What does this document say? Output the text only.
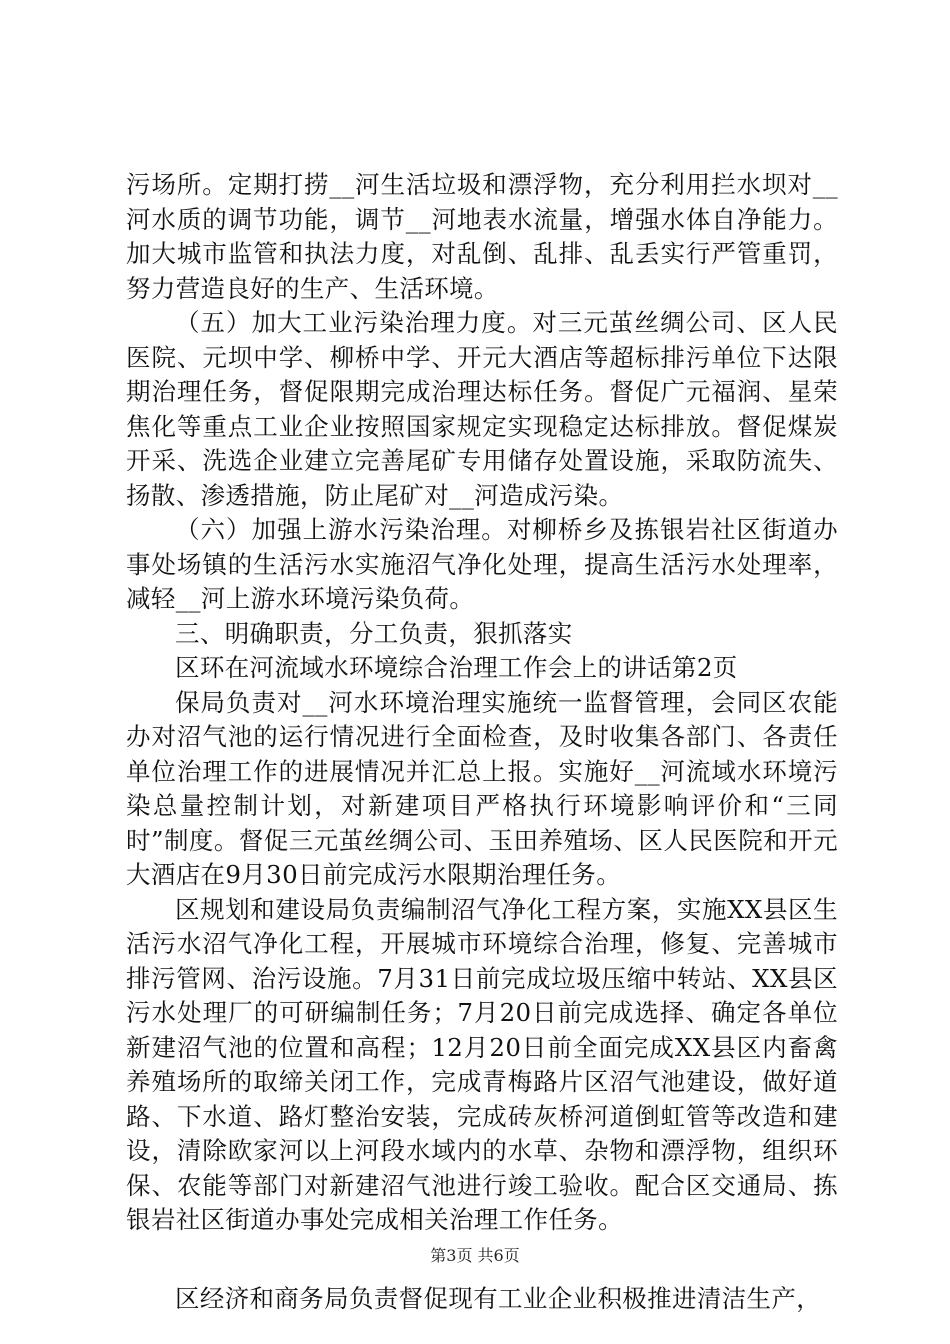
污场所。定期打捞__河生活垃圾和漂浮物，充分利用拦水坝对__河水质的调节功能，调节__河地表水流量，增强水体自净能力。加大城市监管和执法力度，对乱倒、乱排、乱丢实行严管重罚，努力营造良好的生产、生活环境。

（五）加大工业污染治理力度。对三元茧丝绸公司、区人民医院、元坝中学、柳桥中学、开元大酒店等超标排污单位下达限期治理任务，督促限期完成治理达标任务。督促广元福润、星荣焦化等重点工业企业按照国家规定实现稳定达标排放。督促煤炭开采、洗选企业建立完善尾矿专用储存处置设施，采取防流失、扬散、渗透措施，防止尾矿对__河造成污染。

（六）加强上游水污染治理。对柳桥乡及拣银岩社区街道办事处场镇的生活污水实施沼气净化处理，提高生活污水处理率，减轻__河上游水环境污染负荷。

三、明确职责，分工负责，狠抓落实

区环在河流域水环境综合治理工作会上的讲话第2页

保局负责对__河水环境治理实施统一监督管理，会同区农能办对沼气池的运行情况进行全面检查，及时收集各部门、各责任单位治理工作的进展情况并汇总上报。实施好__河流域水环境污染总量控制计划，对新建项目严格执行环境影响评价和“三同时”制度。督促三元茧丝绸公司、玉田养殖场、区人民医院和开元大酒店在9月30日前完成污水限期治理任务。

区规划和建设局负责编制沼气净化工程方案，实施XX县区生活污水沼气净化工程，开展城市环境综合治理，修复、完善城市排污管网、治污设施。7月31日前完成垃圾压缩中转站、XX县区污水处理厂的可研编制任务；7月20日前完成选择、确定各单位新建沼气池的位置和高程；12月20日前全面完成XX县区内畜禽养殖场所的取缔关闭工作，完成青梅路片区沼气池建设，做好道路、下水道、路灯整治安装，完成砖灰桥河道倒虹管等改造和建设，清除欧家河以上河段水域内的水草、杂物和漂浮物，组织环保、农能等部门对新建沼气池进行竣工验收。配合区交通局、拣银岩社区街道办事处完成相关治理工作任务。

区经济和商务局负责督促现有工业企业积极推进清洁生产，

第3页 共6页
